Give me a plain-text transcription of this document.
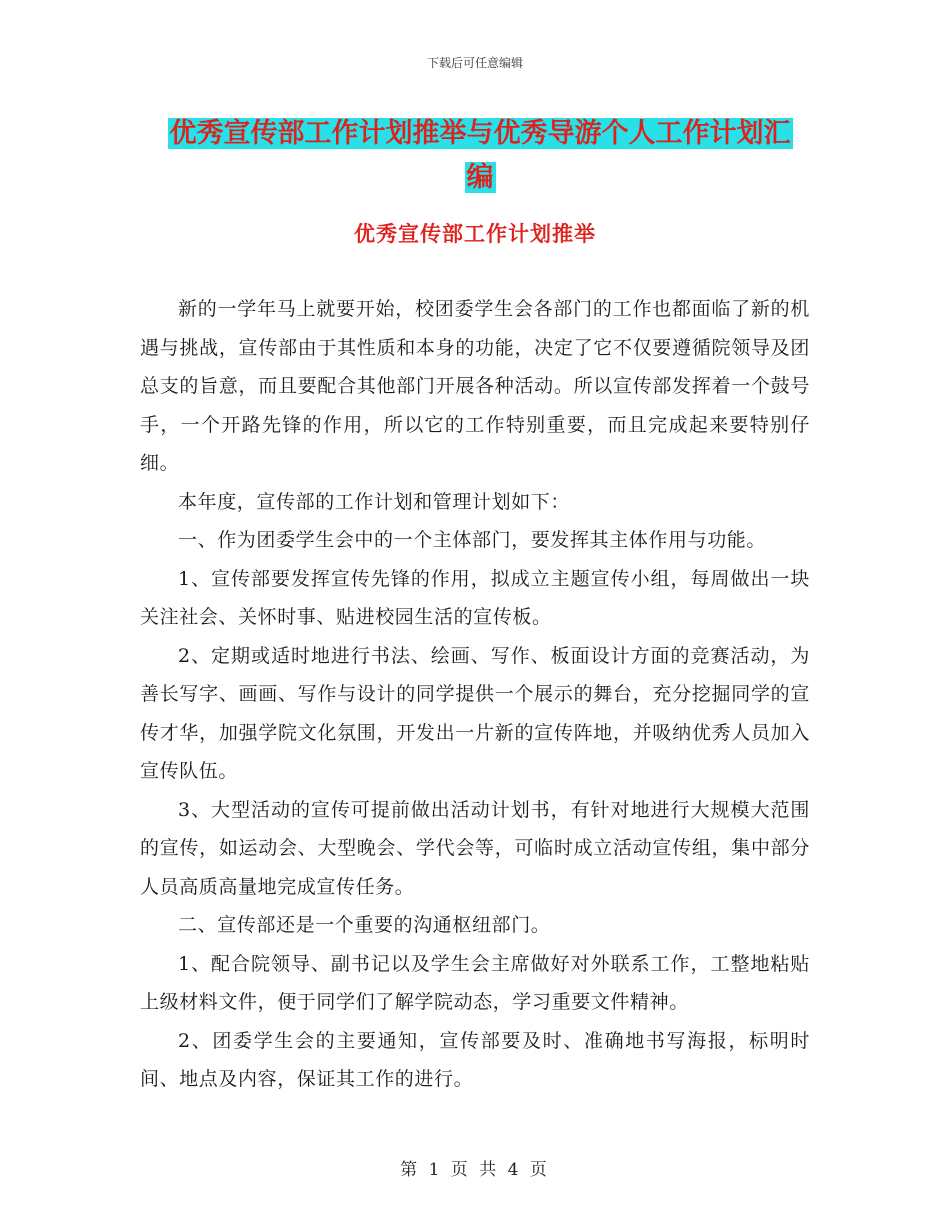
下载后可任意编辑
优秀宣传部工作计划推举与优秀导游个人工作计划汇
编
优秀宣传部工作计划推举

新的一学年马上就要开始，校团委学生会各部门的工作也都面临了新的机遇与挑战，宣传部由于其性质和本身的功能，决定了它不仅要遵循院领导及团总支的旨意，而且要配合其他部门开展各种活动。所以宣传部发挥着一个鼓号手，一个开路先锋的作用，所以它的工作特别重要，而且完成起来要特别仔细。

本年度，宣传部的工作计划和管理计划如下：

一、作为团委学生会中的一个主体部门，要发挥其主体作用与功能。

1、宣传部要发挥宣传先锋的作用，拟成立主题宣传小组，每周做出一块关注社会、关怀时事、贴进校园生活的宣传板。

2、定期或适时地进行书法、绘画、写作、板面设计方面的竞赛活动，为善长写字、画画、写作与设计的同学提供一个展示的舞台，充分挖掘同学的宣传才华，加强学院文化氛围，开发出一片新的宣传阵地，并吸纳优秀人员加入宣传队伍。

3、大型活动的宣传可提前做出活动计划书，有针对地进行大规模大范围的宣传，如运动会、大型晚会、学代会等，可临时成立活动宣传组，集中部分人员高质高量地完成宣传任务。

二、宣传部还是一个重要的沟通枢纽部门。

1、配合院领导、副书记以及学生会主席做好对外联系工作，工整地粘贴上级材料文件，便于同学们了解学院动态，学习重要文件精神。

2、团委学生会的主要通知，宣传部要及时、准确地书写海报，标明时间、地点及内容，保证其工作的进行。

第 1 页 共 4 页
